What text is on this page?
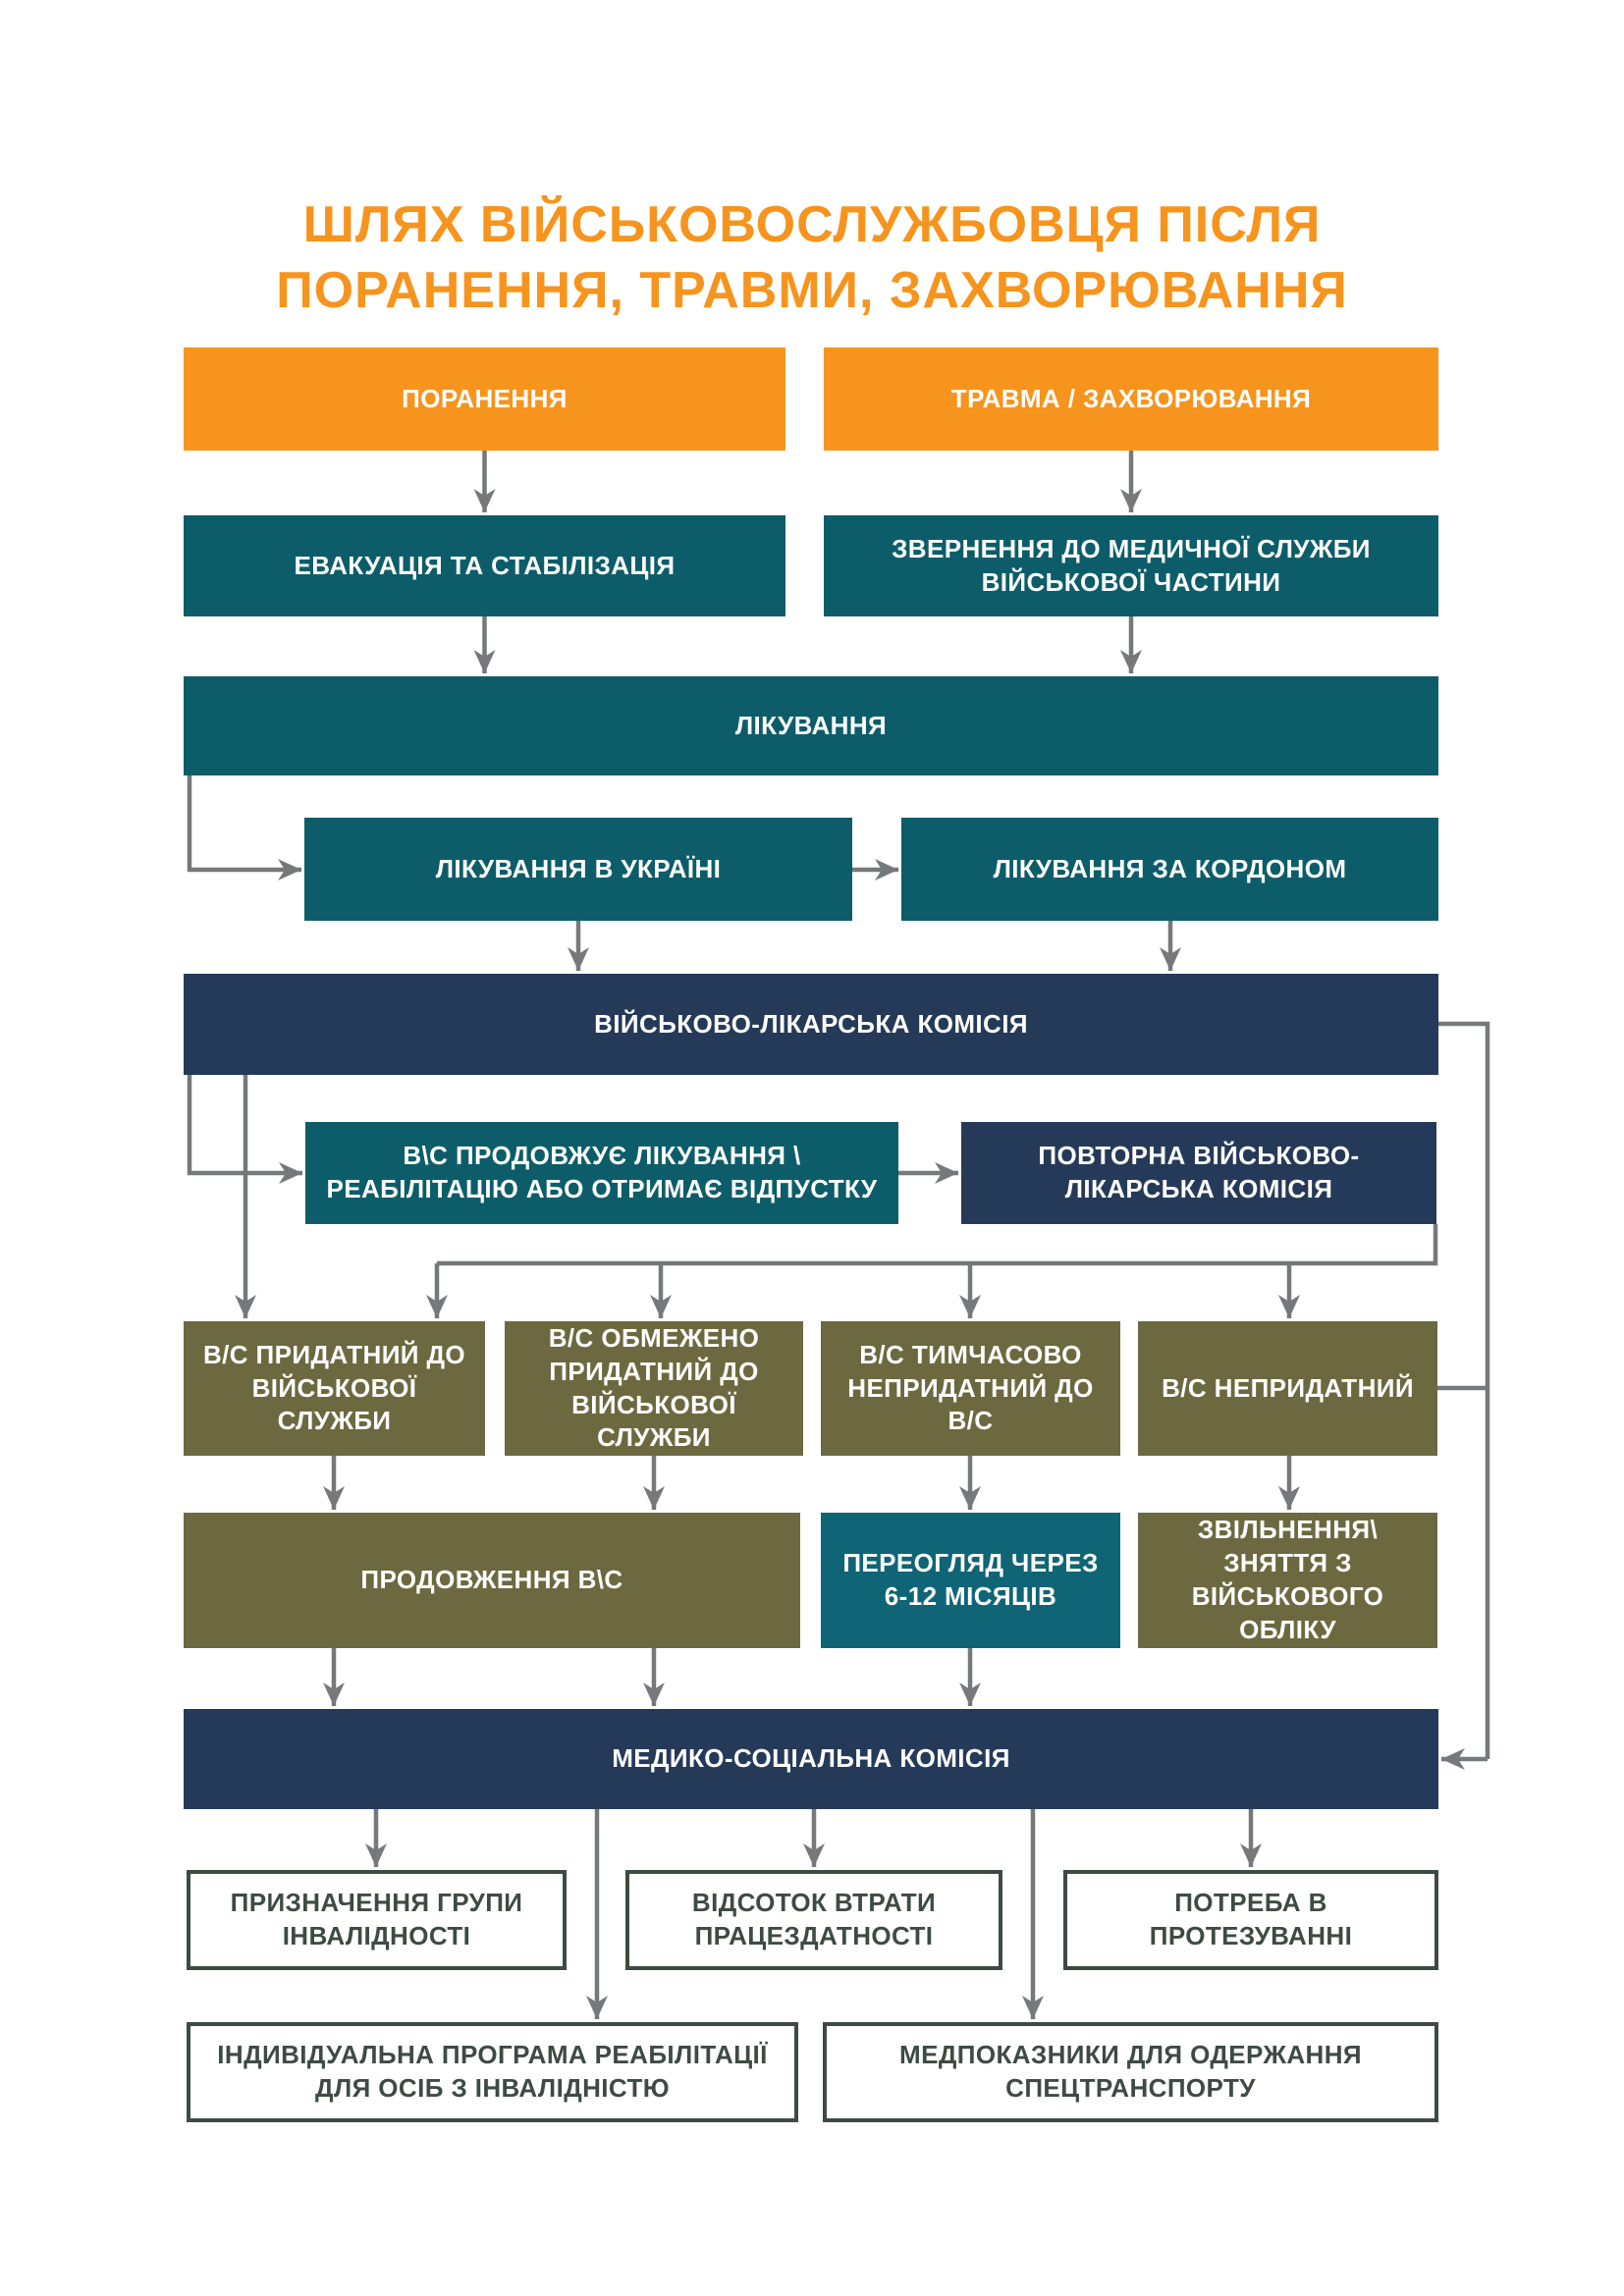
ШЛЯХ ВІЙСЬКОВОСЛУЖБОВЦЯ ПІСЛЯ
ПОРАНЕННЯ, ТРАВМИ, ЗАХВОРЮВАННЯ
ПОРАНЕННЯ	ТРАВМА / ЗАХВОРЮВАННЯ
ЕВАКУАЦІЯ ТА СТАБІЛІЗАЦІЯ
ЗВЕРНЕННЯ ДО МЕДИЧНОЇ СЛУЖБИ ВІЙСЬКОВОЇ ЧАСТИНИ
ЛІКУВАННЯ
ЛІКУВАННЯ В УКРАЇНІ	ЛІКУВАННЯ ЗА КОРДОНОМ
ВІЙСЬКОВО-ЛІКАРСЬКА КОМІСІЯ
В\С ПРОДОВЖУЄ ЛІКУВАННЯ \ РЕАБІЛІТАЦІЮ АБО ОТРИМАЄ ВІДПУСТКУ
ПОВТОРНА ВІЙСЬКОВО-ЛІКАРСЬКА КОМІСІЯ
В/С ПРИДАТНИЙ ДО ВІЙСЬКОВОЇ СЛУЖБИ
В/С ОБМЕЖЕНО ПРИДАТНИЙ ДО ВІЙСЬКОВОЇ СЛУЖБИ
В/С ТИМЧАСОВО НЕПРИДАТНИЙ ДО В/С
В/С НЕПРИДАТНИЙ
ПРОДОВЖЕННЯ В\С
ПЕРЕОГЛЯД ЧЕРЕЗ 6-12 МІСЯЦІВ
ЗВІЛЬНЕННЯ\ ЗНЯТТЯ З ВІЙСЬКОВОГО ОБЛІКУ
МЕДИКО-СОЦІАЛЬНА КОМІСІЯ
ПРИЗНАЧЕННЯ ГРУПИ ІНВАЛІДНОСТІ
ВІДСОТОК ВТРАТИ ПРАЦЕЗДАТНОСТІ
ПОТРЕБА В ПРОТЕЗУВАННІ
ІНДИВІДУАЛЬНА ПРОГРАМА РЕАБІЛІТАЦІЇ ДЛЯ ОСІБ З ІНВАЛІДНІСТЮ
МЕДПОКАЗНИКИ ДЛЯ ОДЕРЖАННЯ СПЕЦТРАНСПОРТУ
